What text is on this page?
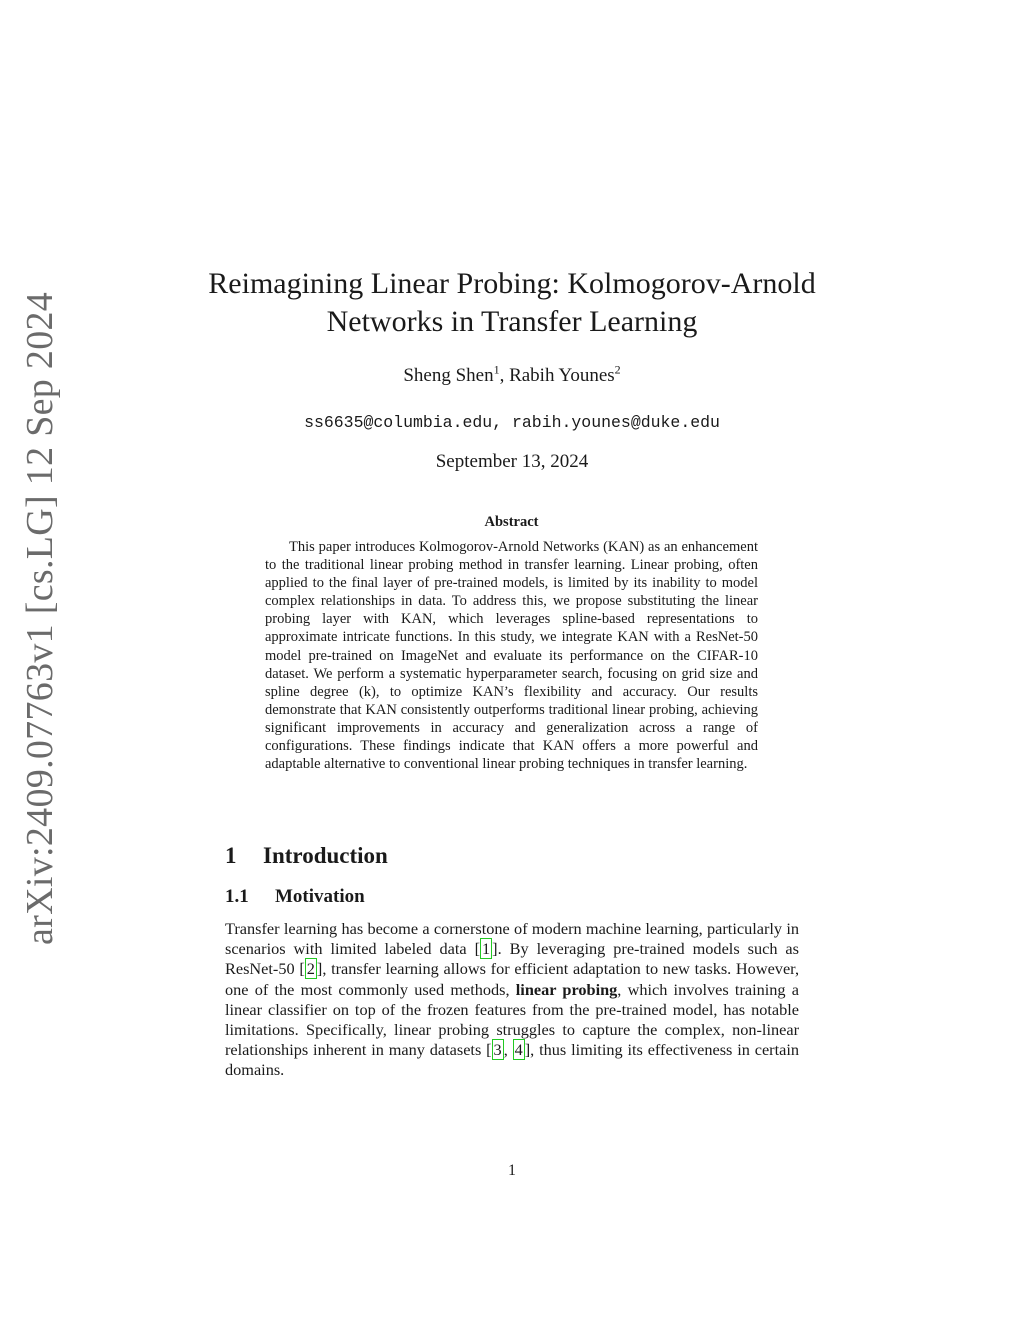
arXiv:2409.07763v1 [cs.LG] 12 Sep 2024
Reimagining Linear Probing: Kolmogorov-Arnold Networks in Transfer Learning
Sheng Shen$^1$, Rabih Younes$^2$
ss6635@columbia.edu, rabih.younes@duke.edu
September 13, 2024
Abstract
This paper introduces Kolmogorov-Arnold Networks (KAN) as an enhancement to the traditional linear probing method in transfer learning. Linear probing, often applied to the final layer of pre-trained models, is limited by its inability to model complex relationships in data. To address this, we propose substituting the linear probing layer with KAN, which leverages spline-based representations to approximate intricate functions. In this study, we integrate KAN with a ResNet-50 model pre-trained on ImageNet and evaluate its performance on the CIFAR-10 dataset. We perform a systematic hyperparameter search, focusing on grid size and spline degree (k), to optimize KAN’s flexibility and accuracy. Our results demonstrate that KAN consistently outperforms traditional linear probing, achieving significant improvements in accuracy and generalization across a range of configurations. These findings indicate that KAN offers a more powerful and adaptable alternative to conventional linear probing techniques in transfer learning.
1 Introduction
1.1 Motivation
Transfer learning has become a cornerstone of modern machine learning, particularly in scenarios with limited labeled data [ 1 ]. By leveraging pre-trained models such as ResNet-50 [ 2 ], transfer learning allows for efficient adaptation to new tasks. However, one of the most commonly used methods, linear probing, which involves training a linear classifier on top of the frozen features from the pre-trained model, has notable limitations. Specifically, linear probing struggles to capture the complex, non-linear relationships inherent in many datasets [ 3 , 4 ], thus limiting its effectiveness in certain domains.
1
